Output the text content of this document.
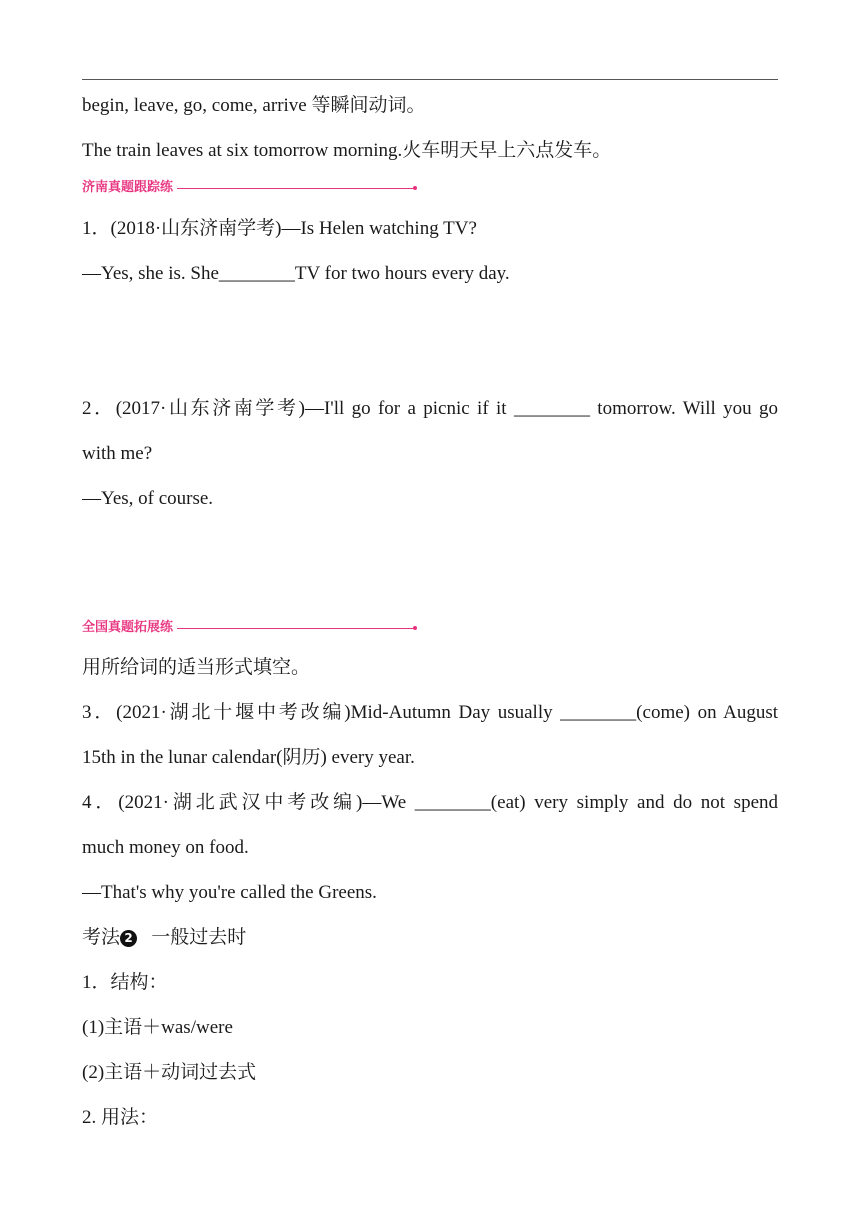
begin, leave, go, come, arrive 等瞬间动词。
The train leaves at six tomorrow morning.火车明天早上六点发车。
济南真题跟踪练
1．(2018·山东济南学考)—Is Helen watching TV?
—Yes, she is. She________TV for two hours every day.
2．(2017·山东济南学考)—I'll go for a picnic if it ________ tomorrow. Will you go
with me?
—Yes, of course.
全国真题拓展练
用所给词的适当形式填空。
3．(2021·湖北十堰中考改编)Mid-Autumn Day usually ________(come) on August
15th in the lunar calendar(阴历) every year.
4．(2021·湖北武汉中考改编)—We ________(eat) very simply and do not spend
much money on food.
—That's why you're called the Greens.
考法 2 一般过去时
1．结构：
(1)主语＋was/were
(2)主语＋动词过去式
2. 用法：
